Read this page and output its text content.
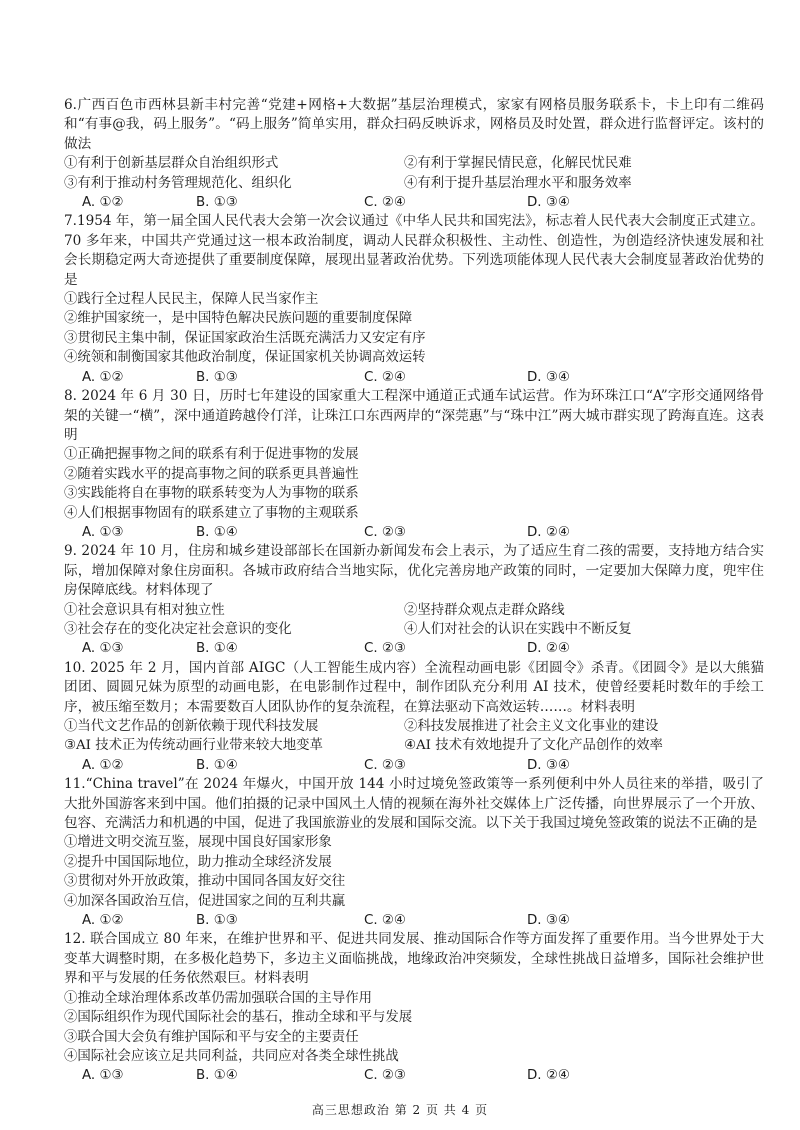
6.广西百色市西林县新丰村完善“党建+网格+大数据”基层治理模式，家家有网格员服务联系卡，卡上印有二维码和“有事@我，码上服务”。“码上服务”简单实用，群众扫码反映诉求，网格员及时处置，群众进行监督评定。该村的做法

①有利于创新基层群众自治组织形式	②有利于掌握民情民意，化解民忧民难
③有利于推动村务管理规范化、组织化	④有利于提升基层治理水平和服务效率
A. ①②	B. ①③	C. ②④	D. ③④

7.1954 年，第一届全国人民代表大会第一次会议通过《中华人民共和国宪法》，标志着人民代表大会制度正式建立。70 多年来，中国共产党通过这一根本政治制度，调动人民群众积极性、主动性、创造性，为创造经济快速发展和社会长期稳定两大奇迹提供了重要制度保障，展现出显著政治优势。下列选项能体现人民代表大会制度显著政治优势的是

①践行全过程人民民主，保障人民当家作主
②维护国家统一，是中国特色解决民族问题的重要制度保障
③贯彻民主集中制，保证国家政治生活既充满活力又安定有序
④统领和制衡国家其他政治制度，保证国家机关协调高效运转
A. ①②	B. ①③	C. ②④	D. ③④

8. 2024 年 6 月 30 日，历时七年建设的国家重大工程深中通道正式通车试运营。作为环珠江口“A”字形交通网络骨架的关键一“横”，深中通道跨越伶仃洋，让珠江口东西两岸的“深莞惠”与“珠中江”两大城市群实现了跨海直连。这表明

①正确把握事物之间的联系有利于促进事物的发展
②随着实践水平的提高事物之间的联系更具普遍性
③实践能将自在事物的联系转变为人为事物的联系
④人们根据事物固有的联系建立了事物的主观联系
A. ①③	B. ①④	C. ②③	D. ②④

9. 2024 年 10 月，住房和城乡建设部部长在国新办新闻发布会上表示，为了适应生育二孩的需要，支持地方结合实际，增加保障对象住房面积。各城市政府结合当地实际，优化完善房地产政策的同时，一定要加大保障力度，兜牢住房保障底线。材料体现了

①社会意识具有相对独立性	②坚持群众观点走群众路线
③社会存在的变化决定社会意识的变化	④人们对社会的认识在实践中不断反复
A. ①③	B. ①④	C. ②③	D. ②④

10. 2025 年 2 月，国内首部 AIGC（人工智能生成内容）全流程动画电影《团圆令》杀青。《团圆令》是以大熊猫团团、圆圆兄妹为原型的动画电影，在电影制作过程中，制作团队充分利用 AI 技术，使曾经要耗时数年的手绘工序，被压缩至数月；本需要数百人团队协作的复杂流程，在算法驱动下高效运转……。材料表明

①当代文艺作品的创新依赖于现代科技发展	②科技发展推进了社会主义文化事业的建设
③AI 技术正为传统动画行业带来较大地变革	④AI 技术有效地提升了文化产品创作的效率
A. ①②	B. ①④	C. ②③	D. ③④

11.“China travel”在 2024 年爆火，中国开放 144 小时过境免签政策等一系列便利中外人员往来的举措，吸引了大批外国游客来到中国。他们拍摄的记录中国风土人情的视频在海外社交媒体上广泛传播，向世界展示了一个开放、包容、充满活力和机遇的中国，促进了我国旅游业的发展和国际交流。以下关于我国过境免签政策的说法不正确的是

①增进文明交流互鉴，展现中国良好国家形象
②提升中国国际地位，助力推动全球经济发展
③贯彻对外开放政策，推动中国同各国友好交往
④加深各国政治互信，促进国家之间的互利共赢
A. ①②	B. ①③	C. ②④	D. ③④

12. 联合国成立 80 年来，在维护世界和平、促进共同发展、推动国际合作等方面发挥了重要作用。当今世界处于大变革大调整时期，在多极化趋势下，多边主义面临挑战，地缘政治冲突频发，全球性挑战日益增多，国际社会维护世界和平与发展的任务依然艰巨。材料表明

①推动全球治理体系改革仍需加强联合国的主导作用
②国际组织作为现代国际社会的基石，推动全球和平与发展
③联合国大会负有维护国际和平与安全的主要责任
④国际社会应该立足共同利益，共同应对各类全球性挑战
A. ①③	B. ①④	C. ②③	D. ②④
高三思想政治 第 2 页 共 4 页
